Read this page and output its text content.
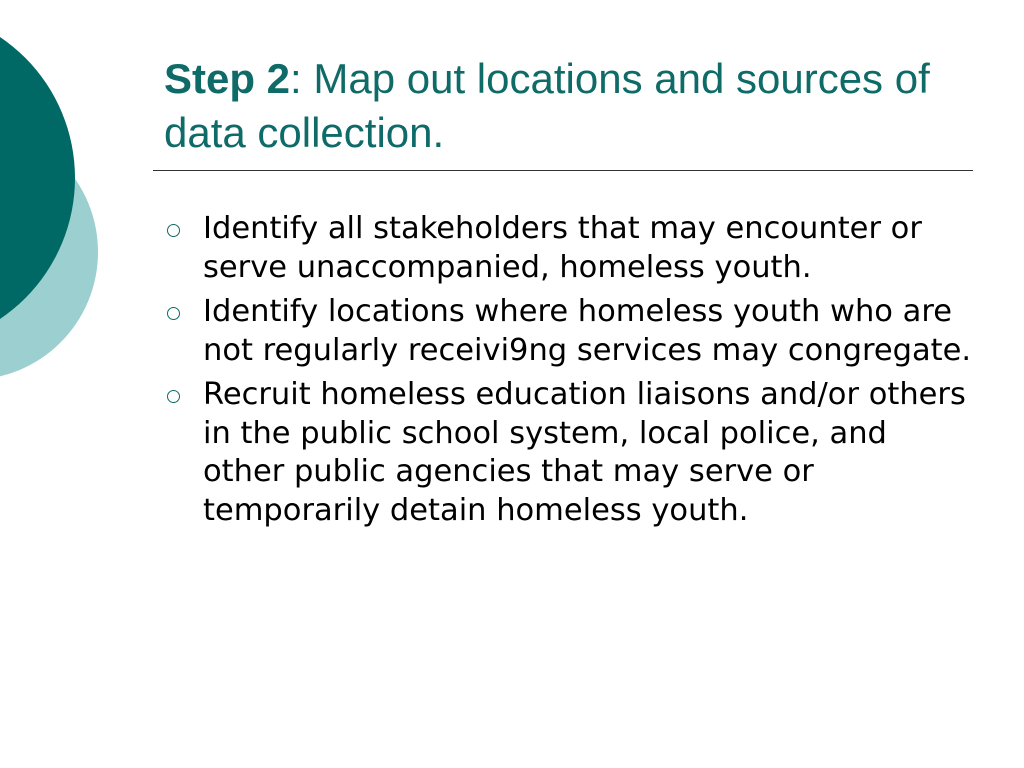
Step 2: Map out locations and sources of data collection.
Identify all stakeholders that may encounter or serve unaccompanied, homeless youth.
Identify locations where homeless youth who are not regularly receivi9ng services may congregate.
Recruit homeless education liaisons and/or others in the public school system, local police, and other public agencies that may serve or temporarily detain homeless youth.
